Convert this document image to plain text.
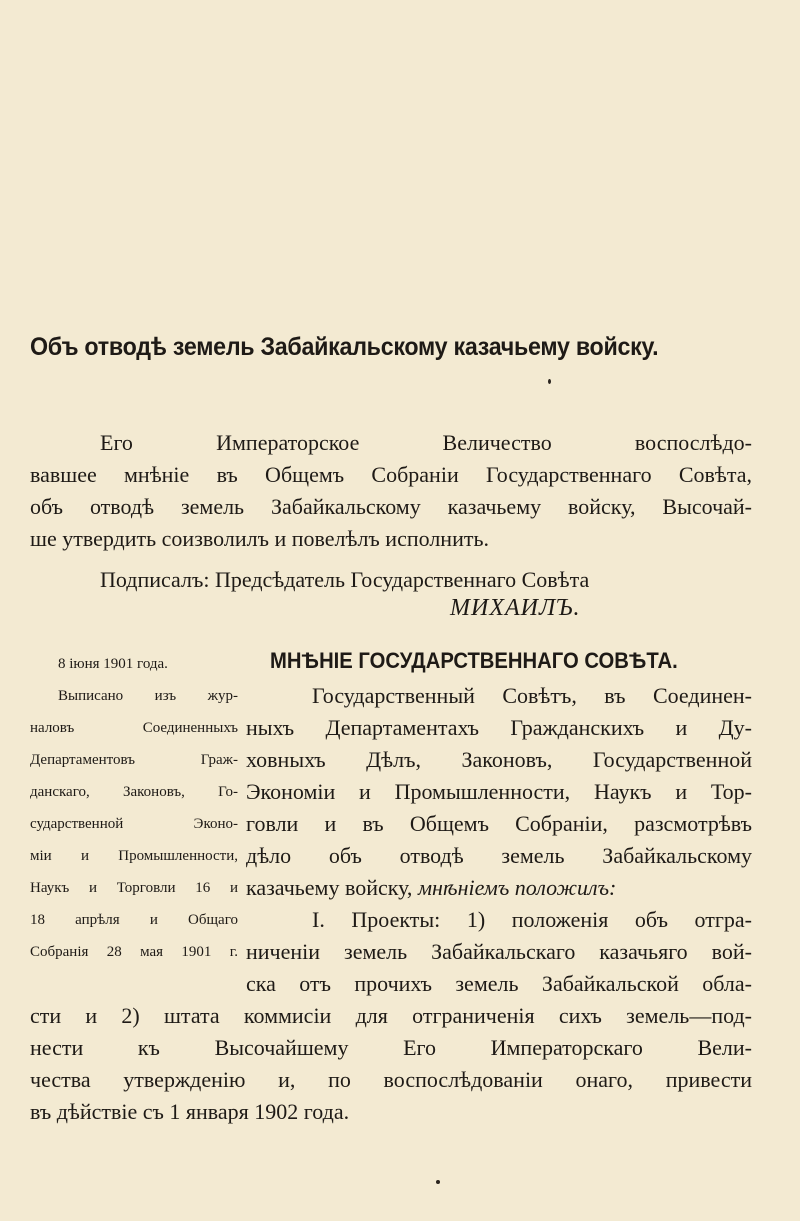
Объ отводѣ земель Забайкальскому казачьему войску.
Его Императорское Величество воспослѣдо-
вавшее мнѣніе въ Общемъ Собраніи Государственнаго Совѣта,
объ отводѣ земель Забайкальскому казачьему войску, Высочай-
ше утвердить соизволилъ и повелѣлъ исполнить.
Подписалъ: Предсѣдатель Государственнаго Совѣта
МИХАИЛЪ.
8 іюня 1901 года.
Выписано изъ жур-
наловъ Соединенныхъ
Департаментовъ Граж-
данскаго, Законовъ, Го-
сударственной Эконо-
міи и Промышленности,
Наукъ и Торговли 16 и
18 апрѣля и Общаго
Собранія 28 мая 1901 г.
МНѢНІЕ ГОСУДАРСТВЕННАГО СОВѢТА.
Государственный Совѣтъ, въ Соединен-
ныхъ Департаментахъ Гражданскихъ и Ду-
ховныхъ Дѣлъ, Законовъ, Государственной
Экономіи и Промышленности, Наукъ и Тор-
говли и въ Общемъ Собраніи, разсмотрѣвъ
дѣло объ отводѣ земель Забайкальскому
казачьему войску, мнѣніемъ положилъ:
I. Проекты: 1) положенія объ отгра-
ниченіи земель Забайкальскаго казачьяго вой-
ска отъ прочихъ земель Забайкальской обла-
сти и 2) штата коммисіи для отграниченія сихъ земель—под-
нести къ Высочайшему Его Императорскаго Вели-
чества утвержденію и, по воспослѣдованіи онаго, привести
въ дѣйствіе съ 1 января 1902 года.
